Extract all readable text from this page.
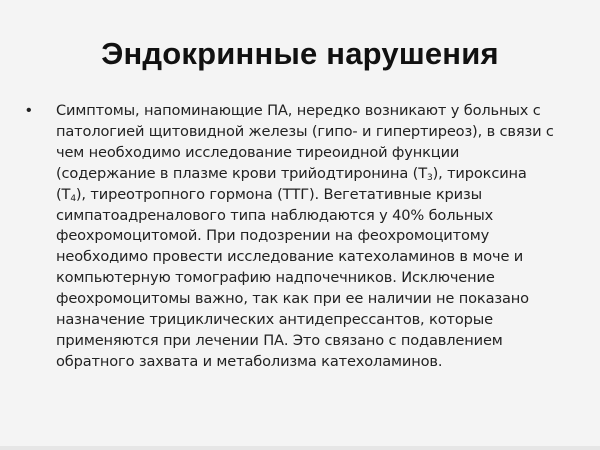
Эндокринные нарушения
•	Симптомы, напоминающие ПА, нередко возникают у больных с
патологией щитовидной железы (гипо- и гипертиреоз), в связи с
чем необходимо исследование тиреоидной функции
(содержание в плазме крови трийодтиронина $(Т_3)$, тироксина
$(Т_4)$, тиреотропного гормона (ТТГ). Вегетативные кризы
симпатоадреналового типа наблюдаются у 40% больных
феохромоцитомой. При подозрении на феохромоцитому
необходимо провести исследование катехоламинов в моче и
компьютерную томографию надпочечников. Исключение
феохромоцитомы важно, так как при ее наличии не показано
назначение трициклических антидепрессантов, которые
применяются при лечении ПА. Это связано с подавлением
обратного захвата и метаболизма катехоламинов.
